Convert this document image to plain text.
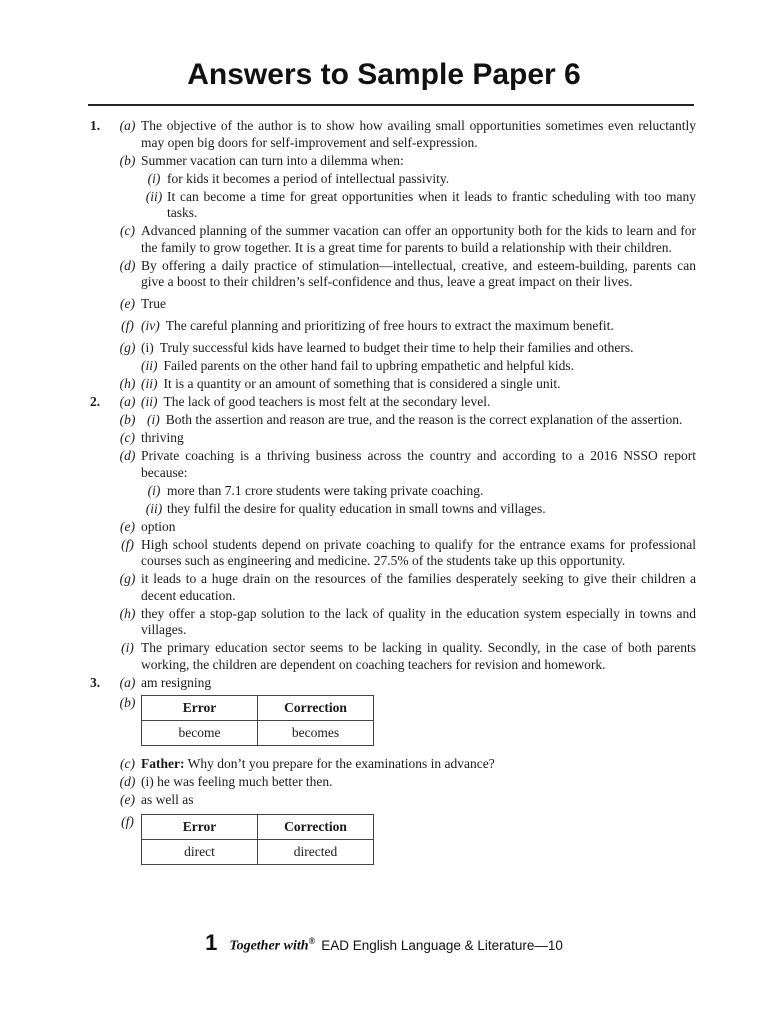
Answers to Sample Paper 6
1.	(a) The objective of the author is to show how availing small opportunities sometimes even reluctantly may open big doors for self-improvement and self-expression.
(b) Summer vacation can turn into a dilemma when:
(i) for kids it becomes a period of intellectual passivity.
(ii) It can become a time for great opportunities when it leads to frantic scheduling with too many tasks.
(c) Advanced planning of the summer vacation can offer an opportunity both for the kids to learn and for the family to grow together. It is a great time for parents to build a relationship with their children.
(d) By offering a daily practice of stimulation—intellectual, creative, and esteem-building, parents can give a boost to their children’s self-confidence and thus, leave a great impact on their lives.
(e) True
(f) (iv) The careful planning and prioritizing of free hours to extract the maximum benefit.
(g) (i) Truly successful kids have learned to budget their time to help their families and others.
(ii) Failed parents on the other hand fail to upbring empathetic and helpful kids.
(h) (ii) It is a quantity or an amount of something that is considered a single unit.
2.	(a) (ii) The lack of good teachers is most felt at the secondary level.
(b) (i) Both the assertion and reason are true, and the reason is the correct explanation of the assertion.
(c) thriving
(d) Private coaching is a thriving business across the country and according to a 2016 NSSO report because:
(i) more than 7.1 crore students were taking private coaching.
(ii) they fulfil the desire for quality education in small towns and villages.
(e) option
(f) High school students depend on private coaching to qualify for the entrance exams for professional courses such as engineering and medicine. 27.5% of the students take up this opportunity.
(g) it leads to a huge drain on the resources of the families desperately seeking to give their children a decent education.
(h) they offer a stop-gap solution to the lack of quality in the education system especially in towns and villages.
(i) The primary education sector seems to be lacking in quality. Secondly, in the case of both parents working, the children are dependent on coaching teachers for revision and homework.
3.	(a) am resigning
(b)	Error	Correction
become	becomes
(c) Father: Why don’t you prepare for the examinations in advance?
(d) (i) he was feeling much better then.
(e) as well as
(f)	Error	Correction
direct	directed
1 Together with® EAD English Language & Literature—10
